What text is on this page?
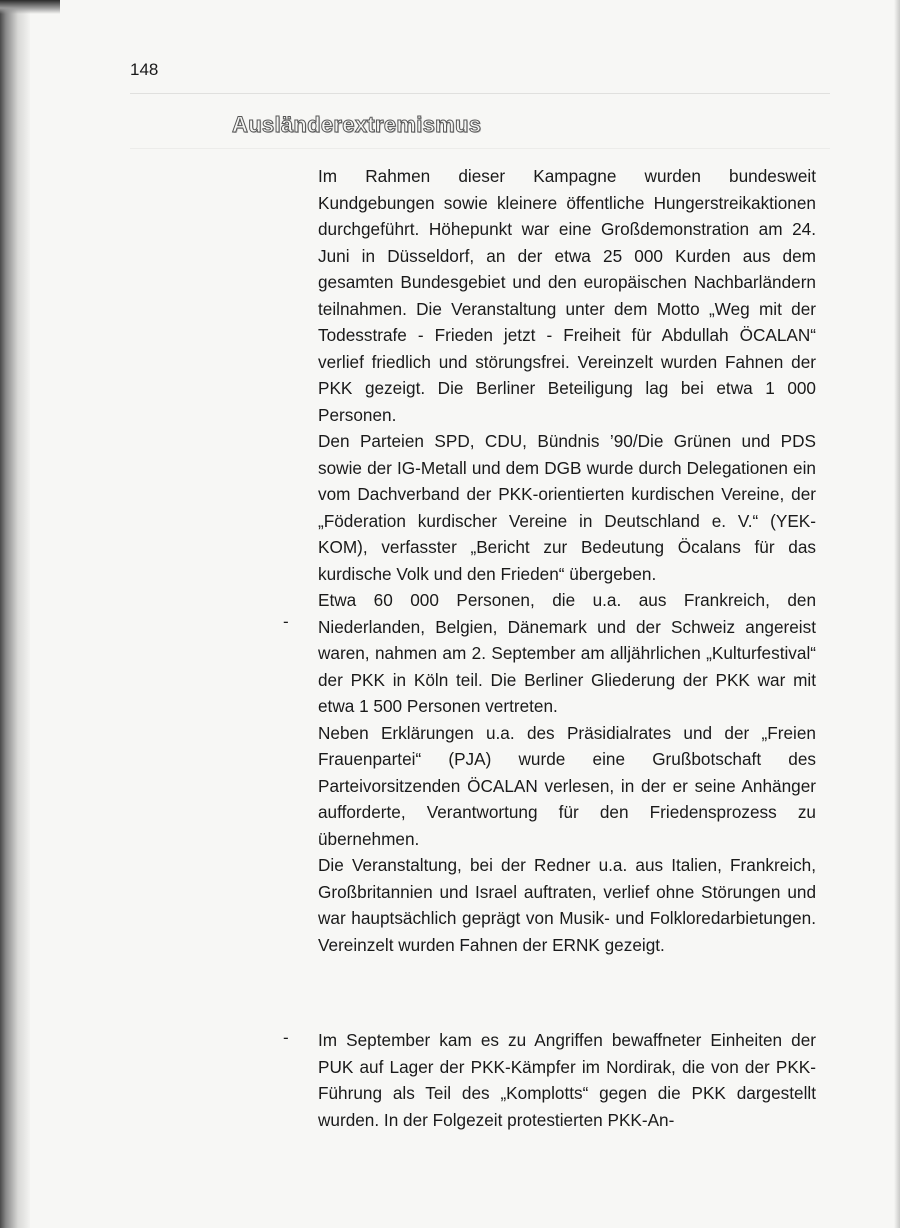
148
Ausländerextremismus
-
-

Im Rahmen dieser Kampagne wurden bundesweit Kundgebungen sowie kleinere öffentliche Hungerstreikaktionen durchgeführt. Höhepunkt war eine Großdemonstration am 24. Juni in Düsseldorf, an der etwa 25 000 Kurden aus dem gesamten Bundesgebiet und den europäischen Nachbarländern teilnahmen. Die Veranstaltung unter dem Motto „Weg mit der Todesstrafe - Frieden jetzt - Freiheit für Abdullah ÖCALAN“ verlief friedlich und störungsfrei. Vereinzelt wurden Fahnen der PKK gezeigt. Die Berliner Beteiligung lag bei etwa 1 000 Personen.

Den Parteien SPD, CDU, Bündnis ’90/Die Grünen und PDS sowie der IG-Metall und dem DGB wurde durch Delegationen ein vom Dachverband der PKK-orientierten kurdischen Vereine, der „Föderation kurdischer Vereine in Deutschland e. V.“ (YEK-KOM), verfasster „Bericht zur Bedeutung Öcalans für das kurdische Volk und den Frieden“ übergeben.

Etwa 60 000 Personen, die u.a. aus Frankreich, den Niederlanden, Belgien, Dänemark und der Schweiz angereist waren, nahmen am 2. September am alljährlichen „Kulturfestival“ der PKK in Köln teil. Die Berliner Gliederung der PKK war mit etwa 1 500 Personen vertreten.

Neben Erklärungen u.a. des Präsidialrates und der „Freien Frauenpartei“ (PJA) wurde eine Grußbotschaft des Parteivorsitzenden ÖCALAN verlesen, in der er seine Anhänger aufforderte, Verantwortung für den Friedensprozess zu übernehmen.

Die Veranstaltung, bei der Redner u.a. aus Italien, Frankreich, Großbritannien und Israel auftraten, verlief ohne Störungen und war hauptsächlich geprägt von Musik- und Folkloredarbietungen. Vereinzelt wurden Fahnen der ERNK gezeigt.

Im September kam es zu Angriffen bewaffneter Einheiten der PUK auf Lager der PKK-Kämpfer im Nordirak, die von der PKK-Führung als Teil des „Komplotts“ gegen die PKK dargestellt wurden. In der Folgezeit protestierten PKK-An-
